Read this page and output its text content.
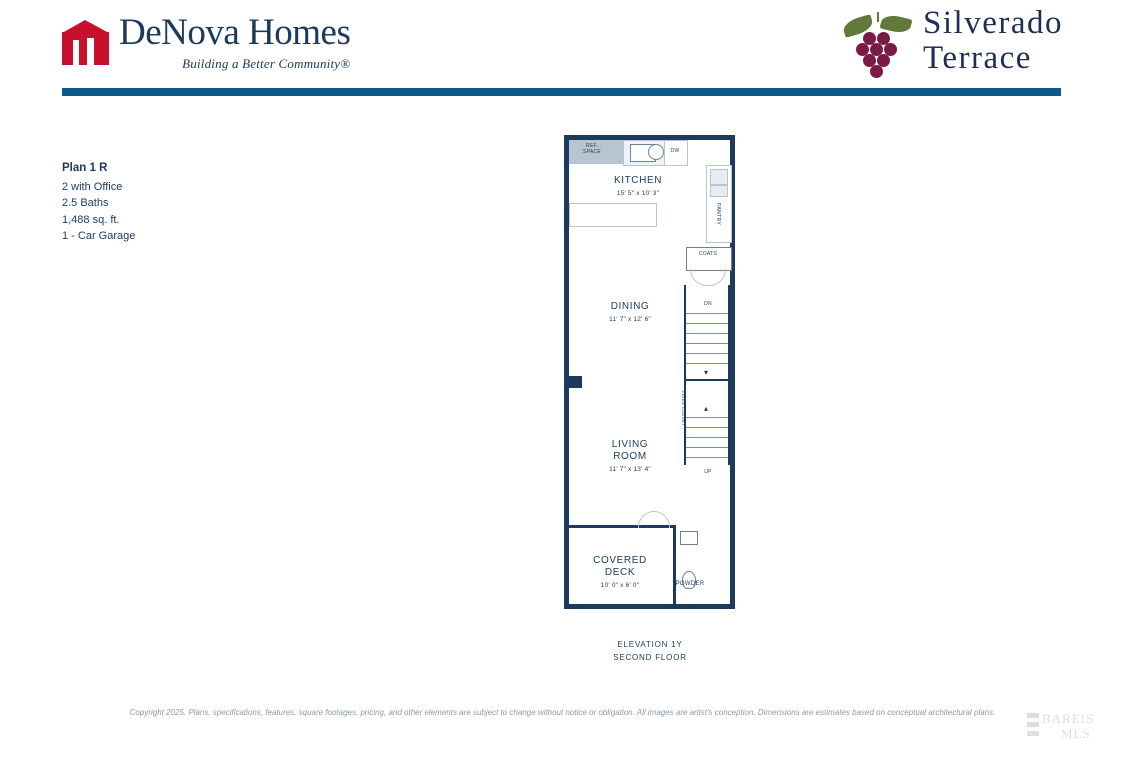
DeNova Homes
Building a Better Community®
Silverado
Terrace
Plan 1 R
2 with Office
2.5 Baths
1,488 sq. ft.
1 - Car Garage
REF.
SPACE	DW
PANTRY
KITCHEN
15' 5" x 10' 3"
COATS
DN
▾
▴
UP
LINEN CLOSET
DINING
11' 7" x 12' 6"
LIVING
ROOM
11' 7" x 13' 4"
POWDER
COVERED
DECK
10' 0" x 6' 0"
ELEVATION 1Y
SECOND FLOOR
Copyright 2025. Plans, specifications, features, square footages, pricing, and other elements are subject to change without notice or obligation. All images are artist's conception. Dimensions are estimates based on conceptual architectural plans.	BAREIS
MLS
